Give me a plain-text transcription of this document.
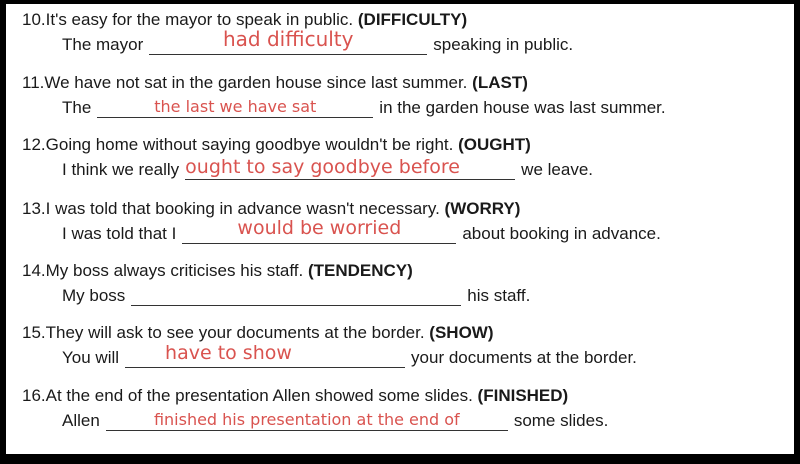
10.It's easy for the mayor to speak in public. (DIFFICULTY)
The mayor	had difficulty	speaking in public.
11.We have not sat in the garden house since last summer. (LAST)
The	the last we have sat	in the garden house was last summer.
12.Going home without saying goodbye wouldn't be right. (OUGHT)
I think we really ought to say goodbye before	we leave.
13.I was told that booking in advance wasn't necessary. (WORRY)
I was told that I	would be worried	about booking in advance.
14.My boss always criticises his staff. (TENDENCY)
My boss	his staff.
15.They will ask to see your documents at the border. (SHOW)
You will have to show	your documents at the border.
16.At the end of the presentation Allen showed some slides. (FINISHED)
Allen	finished his presentation at the end of	some slides.
